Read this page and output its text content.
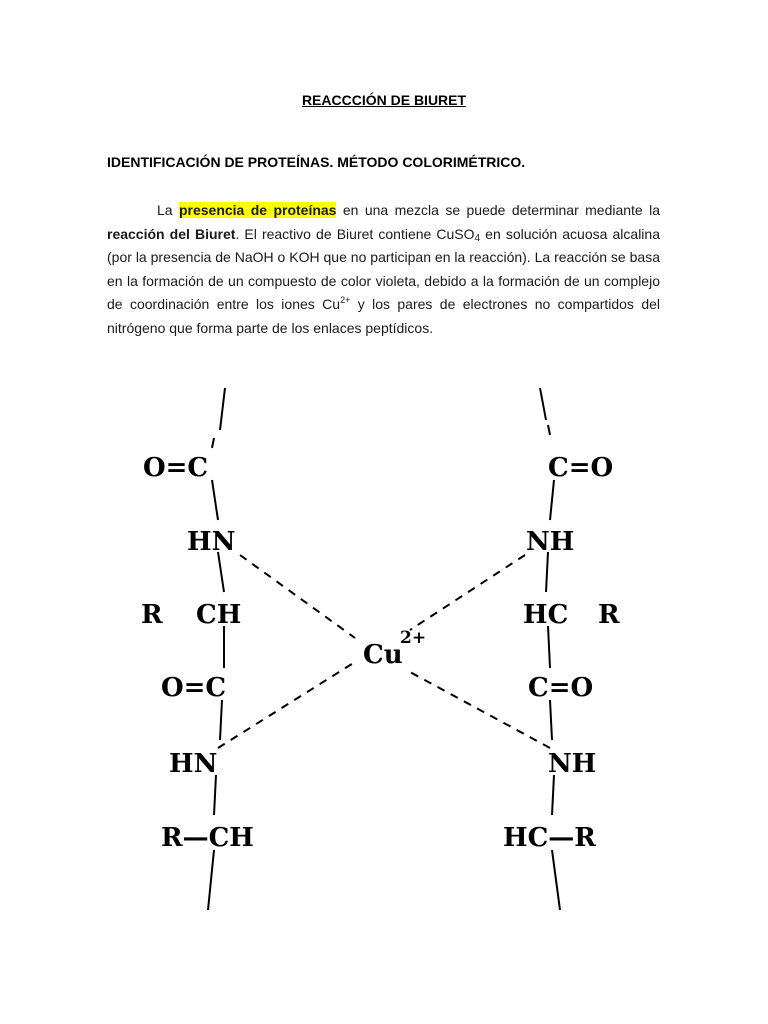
REACCCIÓN DE BIURET
IDENTIFICACIÓN DE PROTEÍNAS. MÉTODO COLORIMÉTRICO.

La presencia de proteínas en una mezcla se puede determinar mediante la reacción del Biuret. El reactivo de Biuret contiene CuSO$_4$ en solución acuosa alcalina (por la presencia de NaOH o KOH que no participan en la reacción). La reacción se basa en la formación de un compuesto de color violeta, debido a la formación de un complejo de coordinación entre los iones $Cu^{2+}$ y los pares de electrones no compartidos del nitrógeno que forma parte de los enlaces peptídicos.

O=C
HN
R CH
O=C
HN
R—CH
C=O
NH
HC R
C=O
NH
HC—R
Cu
2+
